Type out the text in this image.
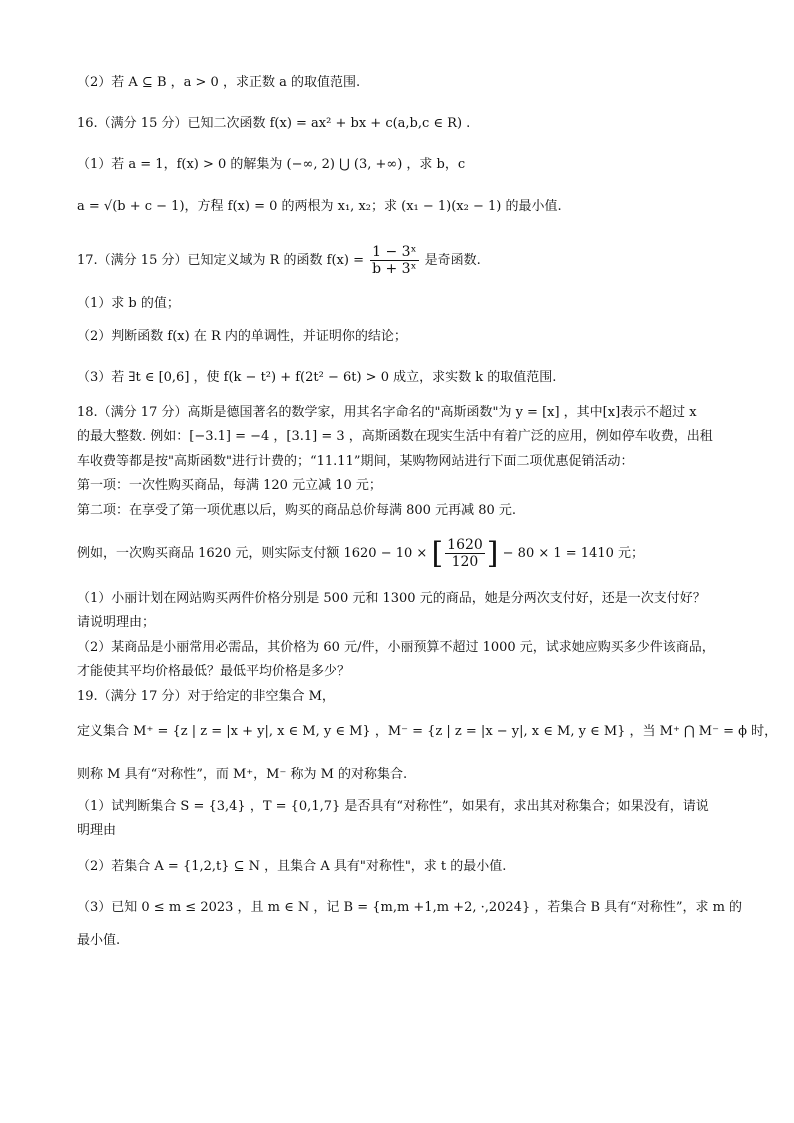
（2）若 A ⊆ B ，a > 0 ，求正数 a 的取值范围.
16.（满分 15 分）已知二次函数 f(x) = ax² + bx + c(a,b,c ∈ R) .
（1）若 a = 1，f(x) > 0 的解集为 (−∞, 2) ⋃ (3, +∞) ，求 b，c
a = √(b + c − 1)，方程 f(x) = 0 的两根为 x₁, x₂；求 (x₁ − 1)(x₂ − 1) 的最小值.
17.（满分 15 分）已知定义域为 R 的函数 $f(x) = \frac{\text{1 − 3ˣ}}{\text{b + 3ˣ}}$ 是奇函数.
（1）求 b 的值；
（2）判断函数 f(x) 在 R 内的单调性，并证明你的结论；
（3）若 ∃t ∈ [0,6] ，使 f(k − t²) + f(2t² − 6t) > 0 成立，求实数 k 的取值范围.
18.（满分 17 分）高斯是德国著名的数学家，用其名字命名的"高斯函数"为 y = [x] ，其中[x]表示不超过 x
的最大整数. 例如：[−3.1] = −4 ，[3.1] = 3 ，高斯函数在现实生活中有着广泛的应用，例如停车收费，出租
车收费等都是按"高斯函数"进行计费的；“11.11”期间，某购物网站进行下面二项优惠促销活动：
第一项：一次性购买商品，每满 120 元立减 10 元；
第二项：在享受了第一项优惠以后，购买的商品总价每满 800 元再减 80 元.
例如，一次购买商品 1620 元，则实际支付额 1620 − 10 × [ $\frac{1620}{120}$ ] − 80 × 1 = 1410 元；
（1）小丽计划在网站购买两件价格分别是 500 元和 1300 元的商品，她是分两次支付好，还是一次支付好？
请说明理由；
（2）某商品是小丽常用必需品，其价格为 60 元/件，小丽预算不超过 1000 元，试求她应购买多少件该商品，
才能使其平均价格最低？最低平均价格是多少？
19.（满分 17 分）对于给定的非空集合 M，
定义集合 M⁺ = {z | z = |x + y|, x ∈ M, y ∈ M} ，M⁻ = {z | z = |x − y|, x ∈ M, y ∈ M} ，当 M⁺ ⋂ M⁻ = ϕ 时，
则称 M 具有“对称性”，而 M⁺，M⁻ 称为 M 的对称集合.
（1）试判断集合 S = {3,4} ，T = {0,1,7} 是否具有“对称性”，如果有，求出其对称集合；如果没有，请说
明理由
（2）若集合 A = {1,2,t} ⊆ N ，且集合 A 具有"对称性"，求 t 的最小值.
（3）已知 0 ≤ m ≤ 2023 ，且 m ∈ N ，记 B = {m,m +1,m +2, ·,2024} ，若集合 B 具有“对称性”，求 m 的
最小值.
